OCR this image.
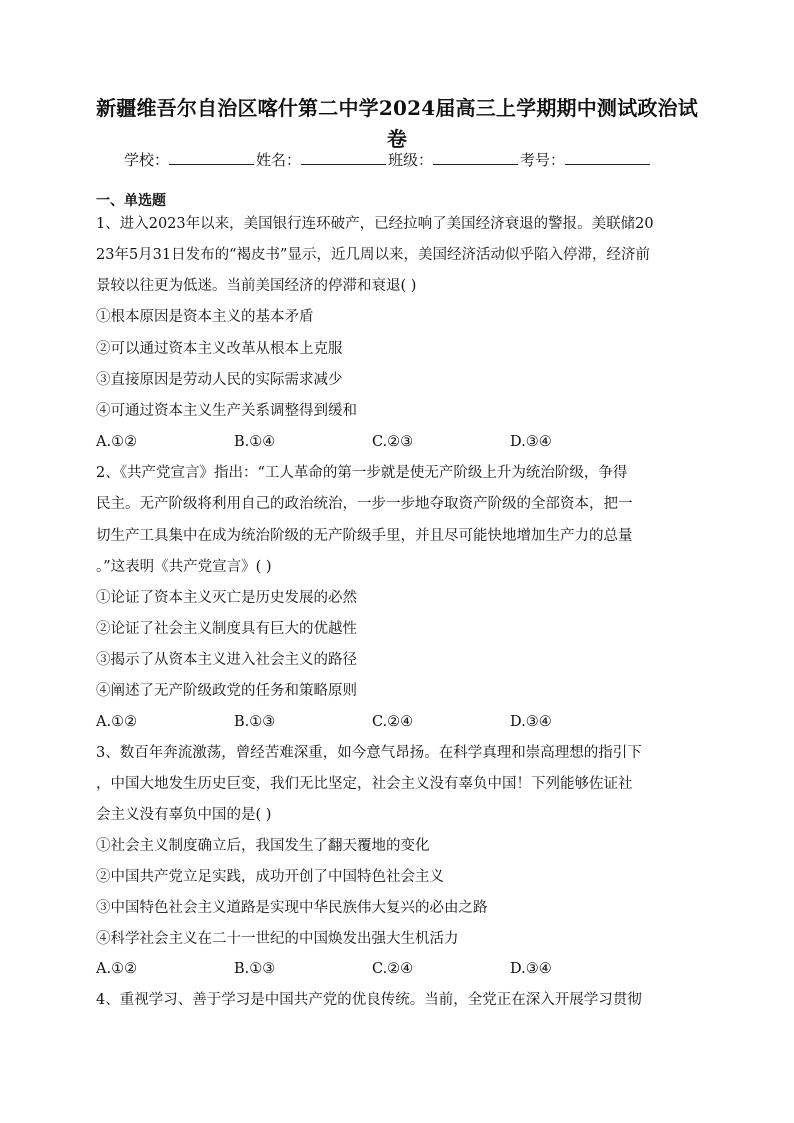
新疆维吾尔自治区喀什第二中学2024届高三上学期期中测试政治试
卷
学校：	姓名：	班级：	考号：
一、单选题
1、进入2023年以来，美国银行连环破产，已经拉响了美国经济衰退的警报。美联储20
23年5月31日发布的“褐皮书”显示，近几周以来，美国经济活动似乎陷入停滞，经济前
景较以往更为低迷。当前美国经济的停滞和衰退( )
①根本原因是资本主义的基本矛盾
②可以通过资本主义改革从根本上克服
③直接原因是劳动人民的实际需求减少
④可通过资本主义生产关系调整得到缓和
A.①②	B.①④	C.②③	D.③④
2、《共产党宣言》指出：“工人革命的第一步就是使无产阶级上升为统治阶级，争得
民主。无产阶级将利用自己的政治统治，一步一步地夺取资产阶级的全部资本，把一
切生产工具集中在成为统治阶级的无产阶级手里，并且尽可能快地增加生产力的总量
。”这表明《共产党宣言》( )
①论证了资本主义灭亡是历史发展的必然
②论证了社会主义制度具有巨大的优越性
③揭示了从资本主义进入社会主义的路径
④阐述了无产阶级政党的任务和策略原则
A.①②	B.①③	C.②④	D.③④
3、数百年奔流激荡，曾经苦难深重，如今意气昂扬。在科学真理和崇高理想的指引下
，中国大地发生历史巨变，我们无比坚定，社会主义没有辜负中国！下列能够佐证社
会主义没有辜负中国的是( )
①社会主义制度确立后，我国发生了翻天覆地的变化
②中国共产党立足实践，成功开创了中国特色社会主义
③中国特色社会主义道路是实现中华民族伟大复兴的必由之路
④科学社会主义在二十一世纪的中国焕发出强大生机活力
A.①②	B.①③	C.②④	D.③④
4、重视学习、善于学习是中国共产党的优良传统。当前，全党正在深入开展学习贯彻
